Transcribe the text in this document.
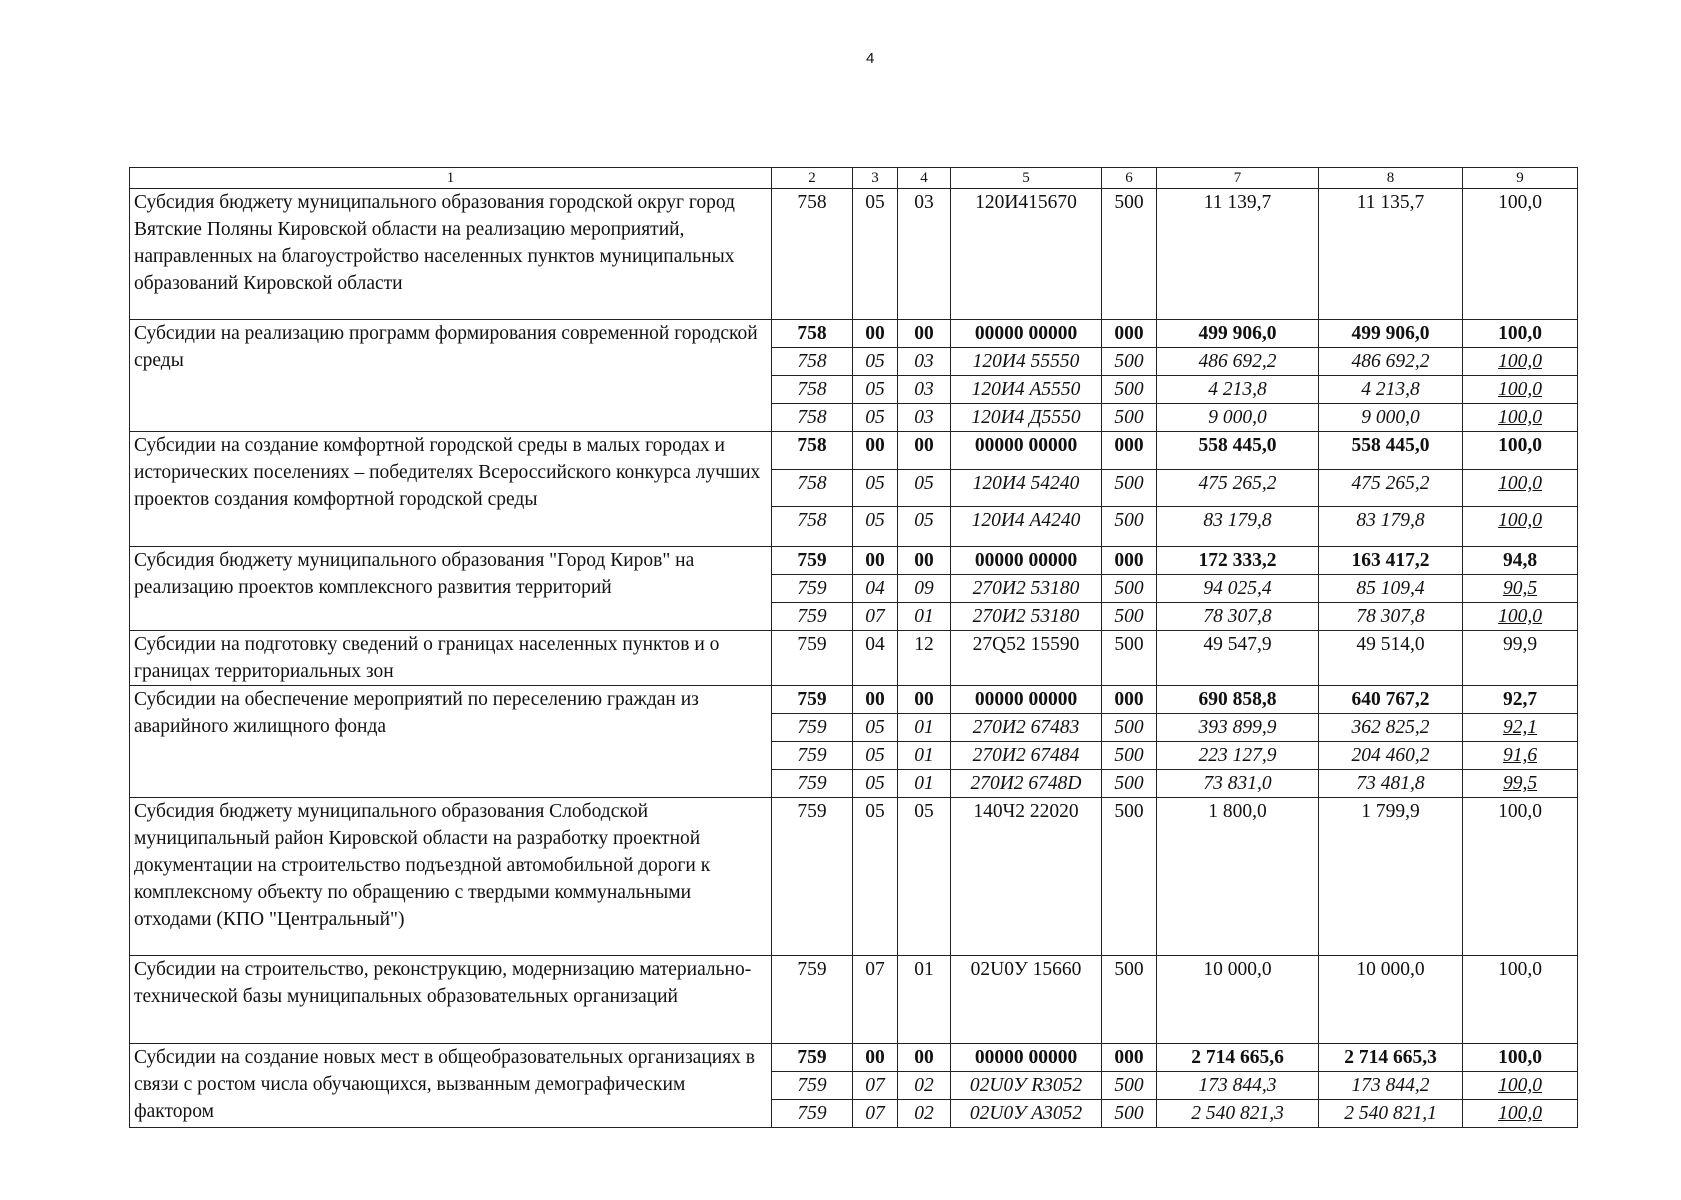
4
1	2	3	4	5	6	7	8	9
Субсидия бюджету муниципального образования городской округ город Вятские Поляны Кировской области на реализацию мероприятий, направленных на благоустройство населенных пунктов муниципальных образований Кировской области	758	05	03	120И415670	500	11 139,7	11 135,7	100,0
Субсидии на реализацию программ формирования современной городской среды	758	00	00	00000 00000	000	499 906,0	499 906,0	100,0
	758	05	03	120И4 55550	500	486 692,2	486 692,2	100,0
	758	05	03	120И4 А5550	500	4 213,8	4 213,8	100,0
	758	05	03	120И4 Д5550	500	9 000,0	9 000,0	100,0
Субсидии на создание комфортной городской среды в малых городах и исторических поселениях – победителях Всероссийского конкурса лучших проектов создания комфортной городской среды	758	00	00	00000 00000	000	558 445,0	558 445,0	100,0
	758	05	05	120И4 54240	500	475 265,2	475 265,2	100,0
	758	05	05	120И4 А4240	500	83 179,8	83 179,8	100,0
Субсидия бюджету муниципального образования "Город Киров" на реализацию проектов комплексного развития территорий	759	00	00	00000 00000	000	172 333,2	163 417,2	94,8
	759	04	09	270И2 53180	500	94 025,4	85 109,4	90,5
	759	07	01	270И2 53180	500	78 307,8	78 307,8	100,0
Субсидии на подготовку сведений о границах населенных пунктов и о границах территориальных зон	759	04	12	27Q52 15590	500	49 547,9	49 514,0	99,9
Субсидии на обеспечение мероприятий по переселению граждан из аварийного жилищного фонда	759	00	00	00000 00000	000	690 858,8	640 767,2	92,7
	759	05	01	270И2 67483	500	393 899,9	362 825,2	92,1
	759	05	01	270И2 67484	500	223 127,9	204 460,2	91,6
	759	05	01	270И2 6748D	500	73 831,0	73 481,8	99,5
Субсидия бюджету муниципального образования Слободской муниципальный район Кировской области на разработку проектной документации на строительство подъездной автомобильной дороги к комплексному объекту по обращению с твердыми коммунальными отходами (КПО "Центральный")	759	05	05	140Ч2 22020	500	1 800,0	1 799,9	100,0
Субсидии на строительство, реконструкцию, модернизацию материально-технической базы муниципальных образовательных организаций	759	07	01	02U0У 15660	500	10 000,0	10 000,0	100,0
Субсидии на создание новых мест в общеобразовательных организациях в связи с ростом числа обучающихся, вызванным демографическим фактором	759	00	00	00000 00000	000	2 714 665,6	2 714 665,3	100,0
	759	07	02	02U0У R3052	500	173 844,3	173 844,2	100,0
	759	07	02	02U0У А3052	500	2 540 821,3	2 540 821,1	100,0
